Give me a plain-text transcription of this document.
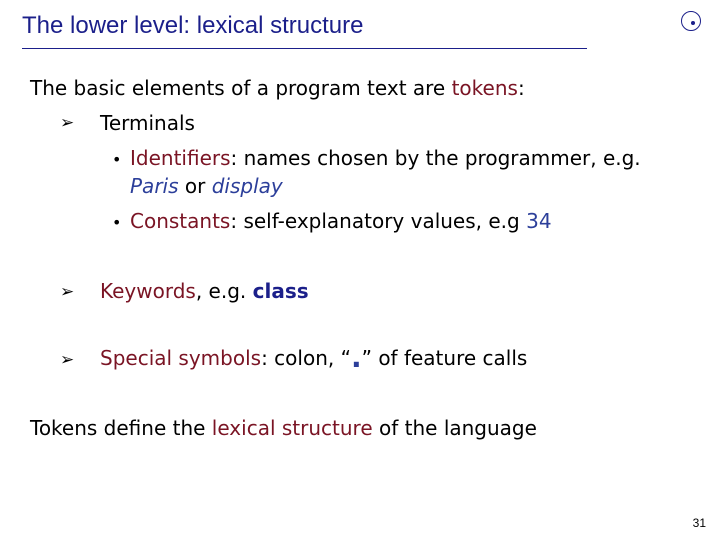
The lower level: lexical structure
The basic elements of a program text are tokens:
➢ Terminals
• Identifiers: names chosen by the programmer, e.g.
Paris or display
• Constants: self-explanatory values, e.g 34
➢ Keywords, e.g. class
➢ Special symbols: colon, “.” of feature calls
Tokens define the lexical structure of the language
31
